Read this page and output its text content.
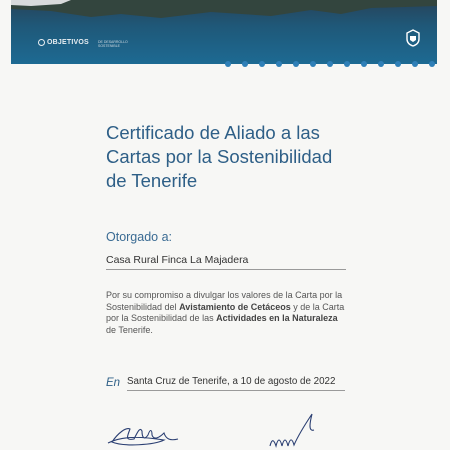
OBJETIVOS	DE DESARROLLO SOSTENIBLE
Certificado de Aliado a las
Cartas por la Sostenibilidad
de Tenerife
Otorgado a:
Casa Rural Finca La Majadera
Por su compromiso a divulgar los valores de la Carta por la Sostenibilidad del Avistamiento de Cetáceos y de la Carta por la Sostenibilidad de las Actividades en la Naturaleza de Tenerife.
En Santa Cruz de Tenerife, a 10 de agosto de 2022
